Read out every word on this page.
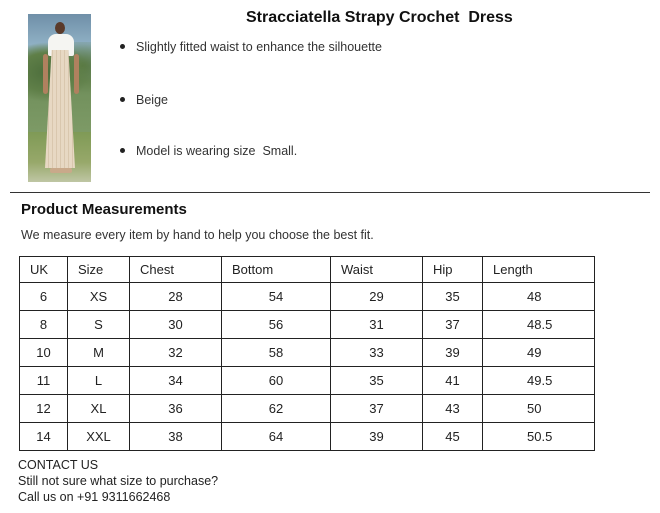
Stracciatella Strapy Crochet  Dress
Slightly fitted waist to enhance the silhouette
Beige
Model is wearing size  Small.
Product Measurements
We measure every item by hand to help you choose the best fit.
UK	Size	Chest	Bottom	Waist	Hip	Length
6	XS	28	54	29	35	48
8	S	30	56	31	37	48.5
10	M	32	58	33	39	49
11	L	34	60	35	41	49.5
12	XL	36	62	37	43	50
14	XXL	38	64	39	45	50.5
CONTACT US
Still not sure what size to purchase?
Call us on +91 9311662468
